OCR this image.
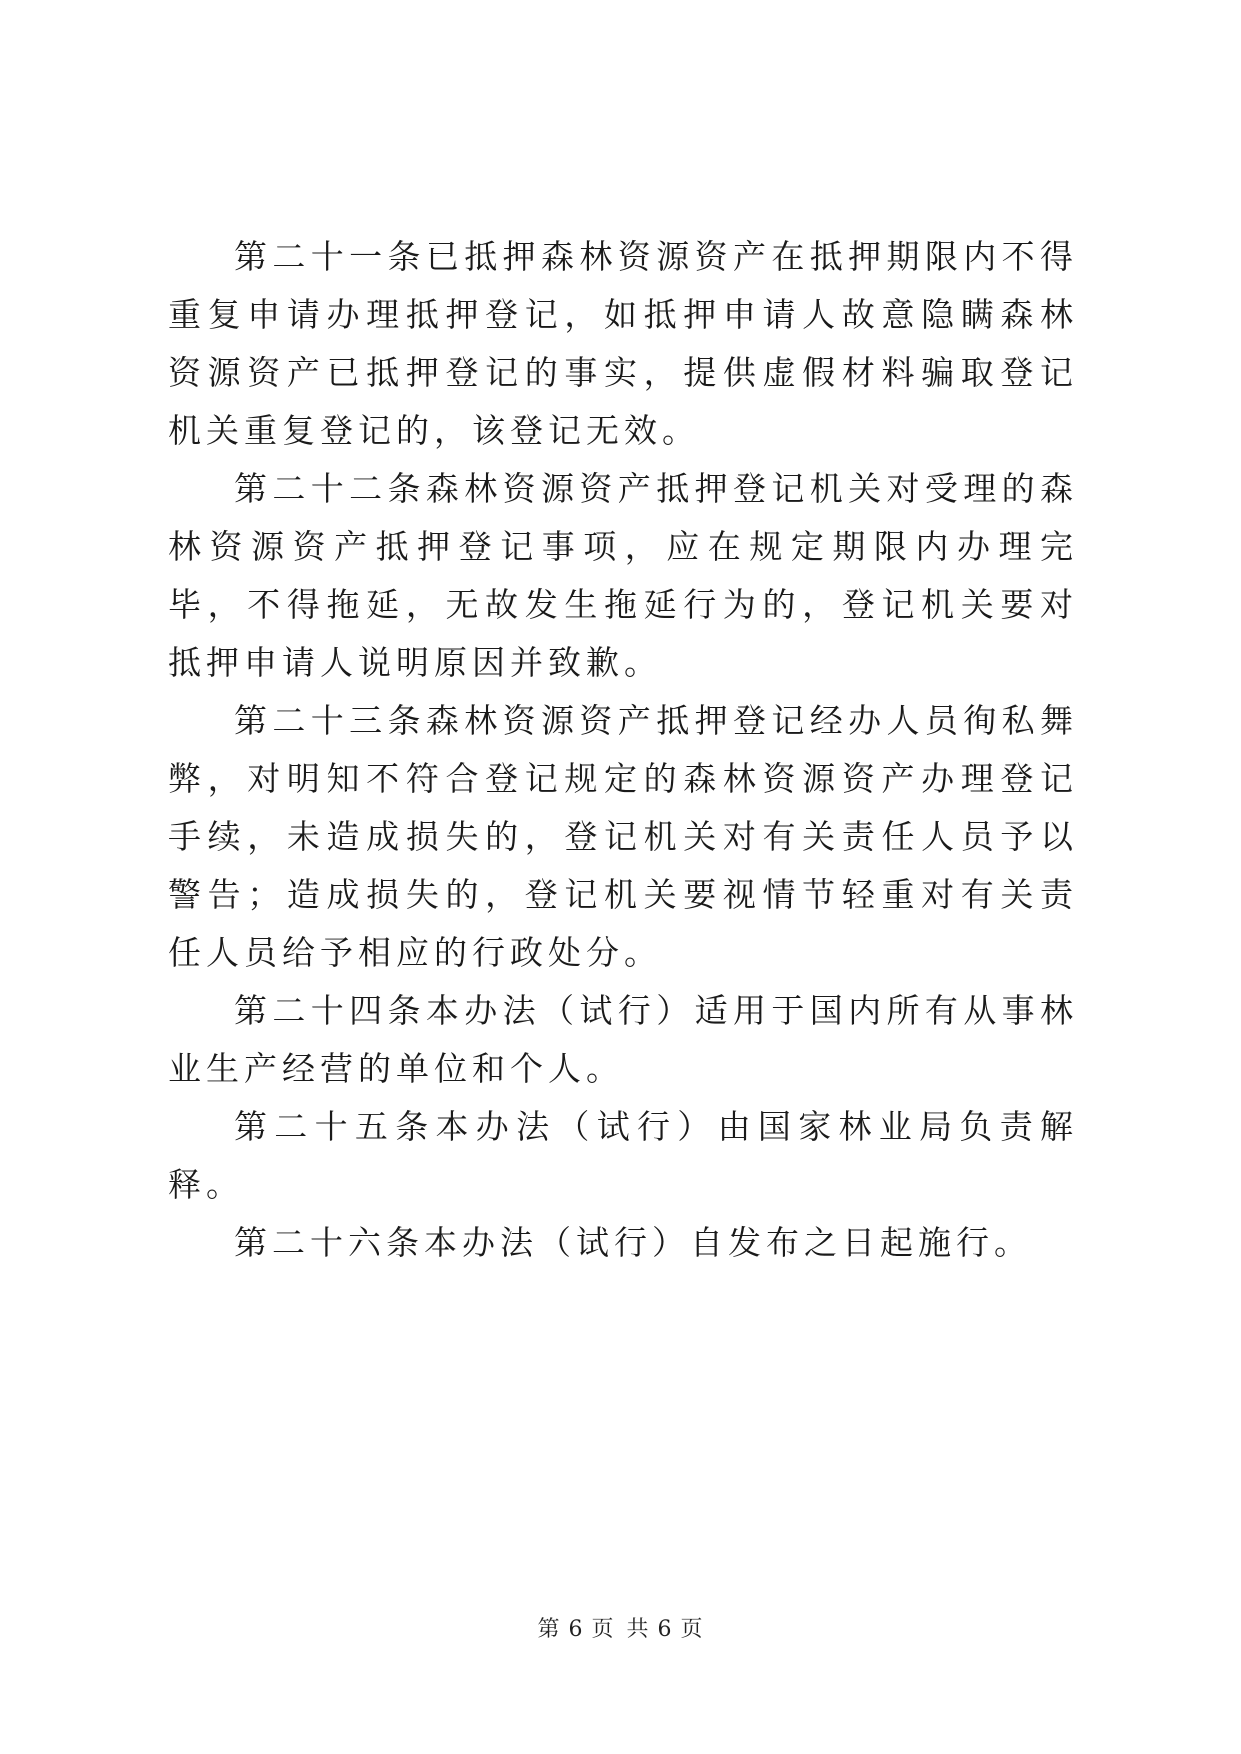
第二十一条已抵押森林资源资产在抵押期限内不得重复申请办理抵押登记，如抵押申请人故意隐瞒森林资源资产已抵押登记的事实，提供虚假材料骗取登记机关重复登记的，该登记无效。

第二十二条森林资源资产抵押登记机关对受理的森林资源资产抵押登记事项，应在规定期限内办理完毕，不得拖延，无故发生拖延行为的，登记机关要对抵押申请人说明原因并致歉。

第二十三条森林资源资产抵押登记经办人员徇私舞弊，对明知不符合登记规定的森林资源资产办理登记手续，未造成损失的，登记机关对有关责任人员予以警告；造成损失的，登记机关要视情节轻重对有关责任人员给予相应的行政处分。

第二十四条本办法（试行）适用于国内所有从事林业生产经营的单位和个人。

第二十五条本办法（试行）由国家林业局负责解释。

第二十六条本办法（试行）自发布之日起施行。

第 6 页 共 6 页
